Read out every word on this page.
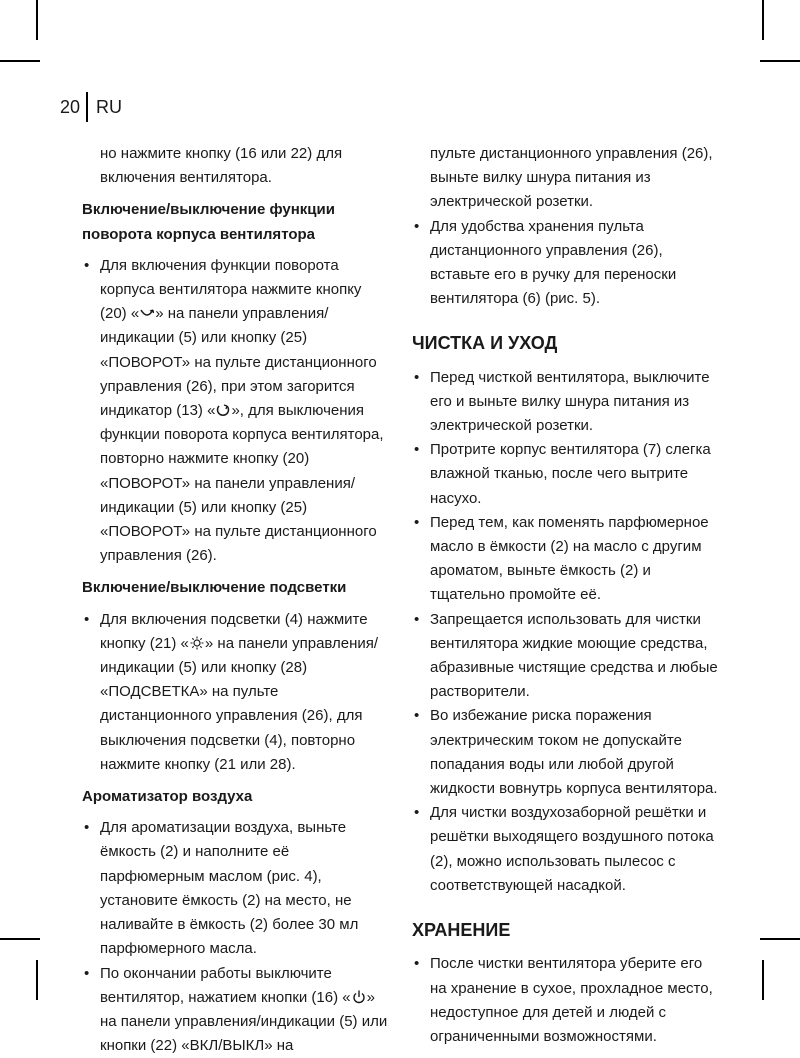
20 RU
но нажмите кнопку (16 или 22) для включения вентилятора.
Включение/выключение функции поворота корпуса вентилятора
• Для включения функции поворота корпуса вентилятора нажмите кнопку (20) « » на панели управления/индикации (5) или кнопку (25) «ПОВОРОТ» на пульте дистанционного управления (26), при этом загорится индикатор (13) « », для выключения функции поворота корпуса вентилятора, повторно нажмите кнопку (20) «ПОВОРОТ» на панели управления/индикации (5) или кнопку (25) «ПОВОРОТ» на пульте дистанционного управления (26).
Включение/выключение подсветки
• Для включения подсветки (4) нажмите кнопку (21) « » на панели управления/индикации (5) или кнопку (28) «ПОДСВЕТКА» на пульте дистанционного управления (26), для выключения подсветки (4), повторно нажмите кнопку (21 или 28).
Ароматизатор воздуха
• Для ароматизации воздуха, выньте ёмкость (2) и наполните её парфюмерным маслом (рис. 4), установите ёмкость (2) на место, не наливайте в ёмкость (2) более 30 мл парфюмерного масла.
• По окончании работы выключите вентилятор, нажатием кнопки (16) « » на панели управления/индикации (5) или кнопки (22) «ВКЛ/ВЫКЛ» на
пульте дистанционного управления (26), выньте вилку шнура питания из электрической розетки.
• Для удобства хранения пульта дистанционного управления (26), вставьте его в ручку для переноски вентилятора (6) (рис. 5).
ЧИСТКА И УХОД
• Перед чисткой вентилятора, выключите его и выньте вилку шнура питания из электрической розетки.
• Протрите корпус вентилятора (7) слегка влажной тканью, после чего вытрите насухо.
• Перед тем, как поменять парфюмерное масло в ёмкости (2) на масло с другим ароматом, выньте ёмкость (2) и тщательно промойте её.
• Запрещается использовать для чистки вентилятора жидкие моющие средства, абразивные чистящие средства и любые растворители.
• Во избежание риска поражения электрическим током не допускайте попадания воды или любой другой жидкости вовнутрь корпуса вентилятора.
• Для чистки воздухозаборной решётки и решётки выходящего воздушного потока (2), можно использовать пылесос с соответствующей насадкой.
ХРАНЕНИЕ
• После чистки вентилятора уберите его на хранение в сухое, прохладное место, недоступное для детей и людей с ограниченными возможностями.
